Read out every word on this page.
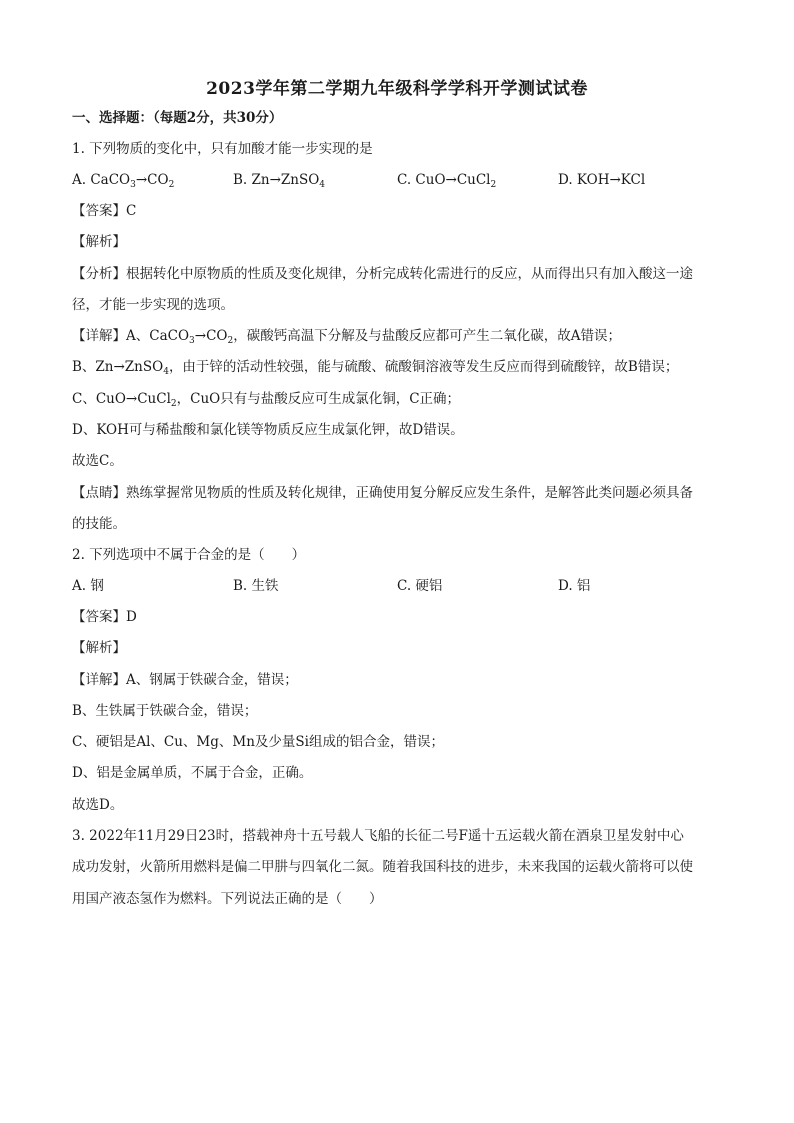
2023学年第二学期九年级科学学科开学测试试卷
一、选择题：（每题2分，共30分）
1. 下列物质的变化中，只有加酸才能一步实现的是
A. $CaCO_3\to CO_2$	B. Zn→ZnSO$_4$	C. CuO→CuCl$_2$	D. KOH→KCl
【答案】C
【解析】
【分析】根据转化中原物质的性质及变化规律，分析完成转化需进行的反应，从而得出只有加入酸这一途
径，才能一步实现的选项。
【详解】A、$CaCO_3\to CO_2$，碳酸钙高温下分解及与盐酸反应都可产生二氧化碳，故A错误；
B、Zn→ZnSO$_4$，由于锌的活动性较强，能与硫酸、硫酸铜溶液等发生反应而得到硫酸锌，故B错误；
C、CuO→CuCl$_2$，CuO只有与盐酸反应可生成氯化铜，C正确；
D、KOH可与稀盐酸和氯化镁等物质反应生成氯化钾，故D错误。
故选C。
【点睛】熟练掌握常见物质的性质及转化规律，正确使用复分解反应发生条件，是解答此类问题必须具备
的技能。
2. 下列选项中不属于合金的是（　　）
A. 钢	B. 生铁	C. 硬铝	D. 铝
【答案】D
【解析】
【详解】A、钢属于铁碳合金，错误；
B、生铁属于铁碳合金，错误；
C、硬铝是Al、Cu、Mg、Mn及少量Si组成的铝合金，错误；
D、铝是金属单质，不属于合金，正确。
故选D。
3. 2022年11月29日23时，搭载神舟十五号载人飞船的长征二号F遥十五运载火箭在酒泉卫星发射中心
成功发射，火箭所用燃料是偏二甲肼与四氧化二氮。随着我国科技的进步，未来我国的运载火箭将可以使
用国产液态氢作为燃料。下列说法正确的是（　　）
